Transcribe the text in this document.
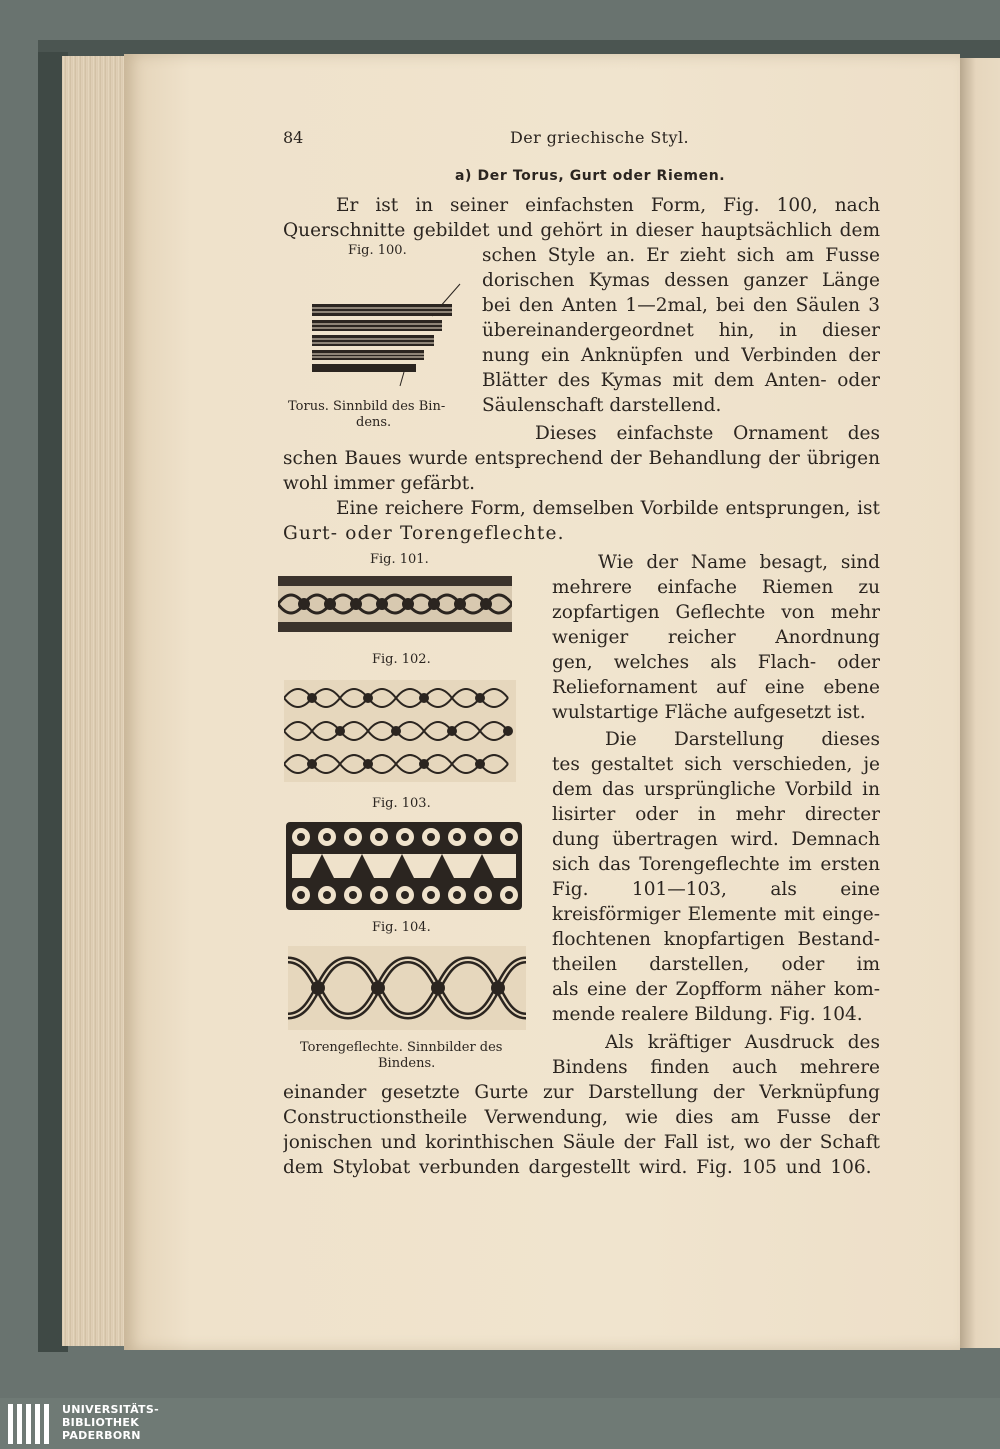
84	Der griechische Styl.
a) Der Torus, Gurt oder Riemen.
Er ist in seiner einfachsten Form, Fig. 100, nach
Querschnitte gebildet und gehört in dieser hauptsächlich dem
schen Style an. Er zieht sich am Fusse
dorischen Kymas dessen ganzer Länge
bei den Anten 1—2mal, bei den Säulen 3
übereinandergeordnet hin, in dieser
nung ein Anknüpfen und Verbinden der
Blätter des Kymas mit dem Anten- oder
Säulenschaft darstellend.
Dieses einfachste Ornament des
schen Baues wurde entsprechend der Behandlung der übrigen
wohl immer gefärbt.
Eine reichere Form, demselben Vorbilde entsprungen, ist
Gurt- oder Torengeflechte.
Wie der Name besagt, sind
mehrere einfache Riemen zu
zopfartigen Geflechte von mehr
weniger reicher Anordnung
gen, welches als Flach- oder
Reliefornament auf eine ebene
wulstartige Fläche aufgesetzt ist.
Die Darstellung dieses
tes gestaltet sich verschieden, je
dem das ursprüngliche Vorbild in
lisirter oder in mehr directer
dung übertragen wird. Demnach
sich das Torengeflechte im ersten
Fig. 101—103, als eine
kreisförmiger Elemente mit einge-
flochtenen knopfartigen Bestand-
theilen darstellen, oder im
als eine der Zopfform näher kom-
mende realere Bildung. Fig. 104.
Als kräftiger Ausdruck des
Bindens finden auch mehrere
einander gesetzte Gurte zur Darstellung der Verknüpfung
Constructionstheile Verwendung, wie dies am Fusse der
jonischen und korinthischen Säule der Fall ist, wo der Schaft
dem Stylobat verbunden dargestellt wird. Fig. 105 und 106.
Fig. 100.
Torus. Sinnbild des Bin-
dens.
Fig. 101.
Fig. 102.
Fig. 103.
Fig. 104.
Torengeflechte. Sinnbilder des
Bindens.
UNIVERSITÄTS-
BIBLIOTHEK
PADERBORN
